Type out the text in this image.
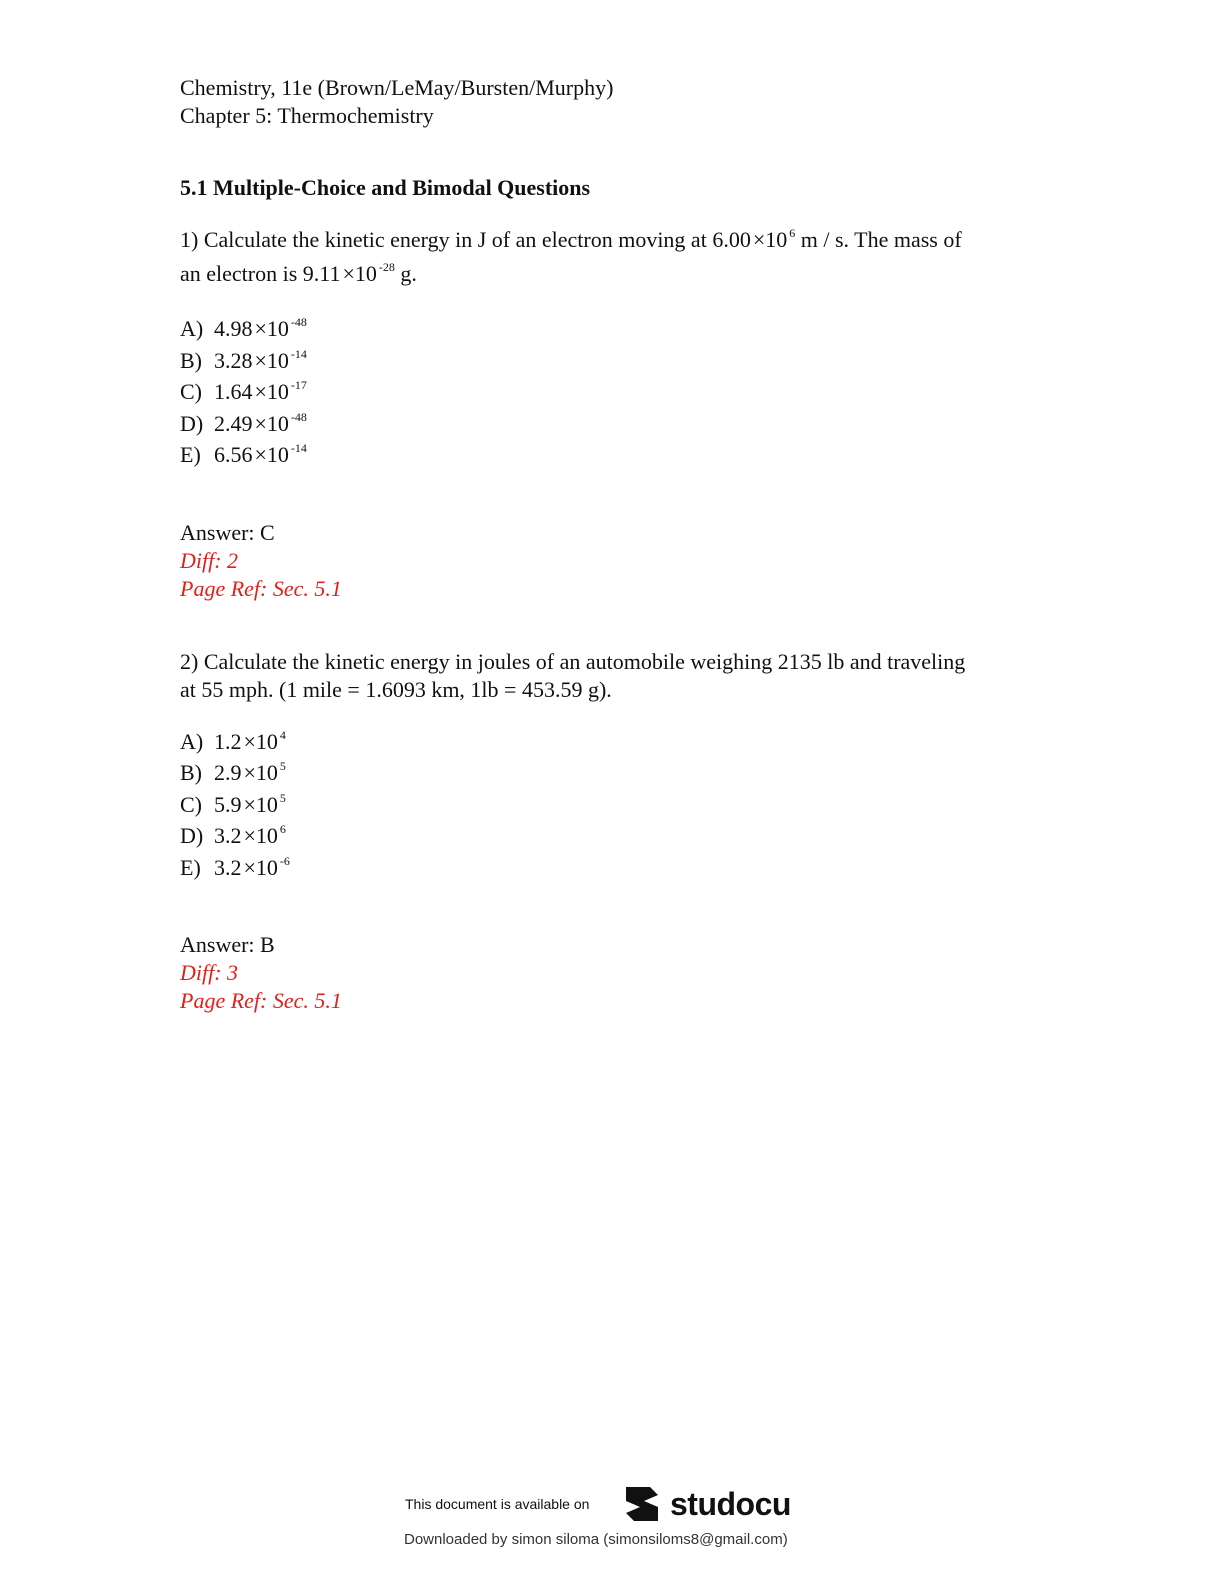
Chemistry, 11e (Brown/LeMay/Bursten/Murphy)
Chapter 5: Thermochemistry
5.1 Multiple-Choice and Bimodal Questions
1) Calculate the kinetic energy in J of an electron moving at 6.00×10 $^6$ m / s. The mass of
an electron is 9.11×10 $^{-28}$ g.
A) 4.98×10 $^{-48}$
B) 3.28×10 $^{-14}$
C) 1.64×10 $^{-17}$
D) 2.49×10 $^{-48}$
E) 6.56×10 $^{-14}$
Answer: C
Diff: 2
Page Ref: Sec. 5.1
2) Calculate the kinetic energy in joules of an automobile weighing 2135 lb and traveling
at 55 mph. (1 mile = 1.6093 km, 1lb = 453.59 g).
A) 1.2×10 $^4$
B) 2.9×10 $^5$
C) 5.9×10 $^5$
D) 3.2×10 $^6$
E) 3.2×10 $^{-6}$
Answer: B
Diff: 3
Page Ref: Sec. 5.1
This document is available on	studocu
Downloaded by simon siloma (simonsiloms8@gmail.com)
